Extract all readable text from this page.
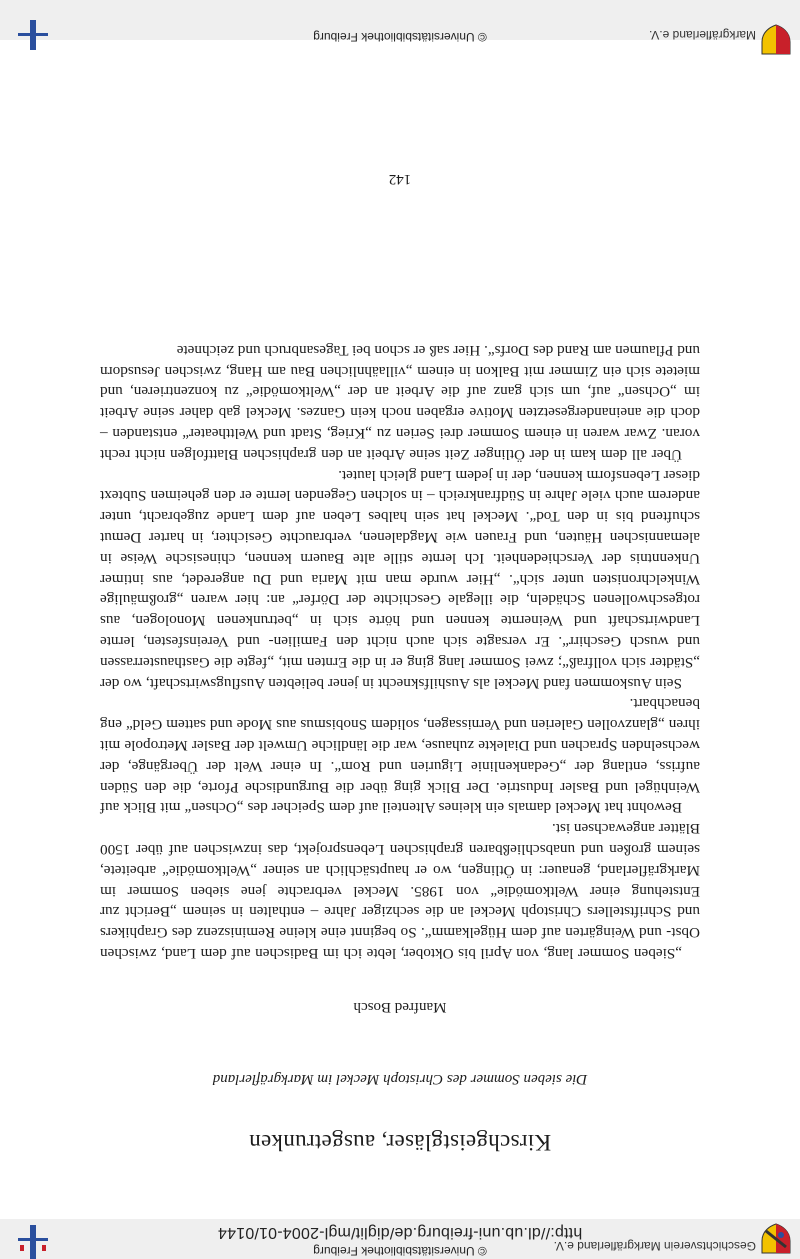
Geschichtsverein Markgräflerland e.V.
© Universitätsbibliothek Freiburg
http://dl.ub.uni-freiburg.de/diglit/mgl-2004-01/0144
Kirschgeistgläser, ausgetrunken
Die sieben Sommer des Christoph Meckel im Markgräflerland
Manfred Bosch

„Sieben Sommer lang, von April bis Oktober, lebte ich im Badischen auf dem Land, zwischen Obst- und Weingärten auf dem Hügelkamm“. So beginnt eine kleine Reminiszenz des Graphikers und Schriftstellers Christoph Meckel an die sechziger Jahre – enthalten in seinem „Bericht zur Entstehung einer Weltkomödie“ von 1985. Meckel verbrachte jene sieben Sommer im Markgräflerland, genauer: in Ötlingen, wo er hauptsächlich an seiner „Weltkomödie“ arbeitete, seinem großen und unabschließbaren graphischen Lebensprojekt, das inzwischen auf über 1500 Blätter angewachsen ist.

Bewohnt hat Meckel damals ein kleines Altenteil auf dem Speicher des „Ochsen“ mit Blick auf Weinhügel und Basler Industrie. Der Blick ging über die Burgundische Pforte, die den Süden aufriss, entlang der „Gedankenlinie Ligurien und Rom“. In einer Welt der Übergänge, der wechselnden Sprachen und Dialekte zuhause, war die ländliche Umwelt der Basler Metropole mit ihren „glanzvollen Galerien und Vernissagen, solidem Snobismus aus Mode und sattem Geld“ eng benachbart.

Sein Auskommen fand Meckel als Aushilfsknecht in jener beliebten Ausflugswirtschaft, wo der „Städter sich vollfraß“; zwei Sommer lang ging er in die Ernten mit, „fegte die Gasthausterrassen und wusch Geschirr“. Er versagte sich auch nicht den Familien- und Vereinsfesten, lernte Landwirtschaft und Weinernte kennen und hörte sich in „betrunkenen Monologen, aus rotgeschwollenen Schädeln, die illegale Geschichte der Dörfer“ an: hier waren „großmäulige Winkelchronisten unter sich“. „Hier wurde man mit Maria und Du angeredet, aus intimer Unkenntnis der Verschiedenheit. Ich lernte stille alte Bauern kennen, chinesische Weise in alemannischen Häuten, und Frauen wie Magdalenen, verbrauchte Gesichter, in harter Demut schuftend bis in den Tod“. Meckel hat sein halbes Leben auf dem Lande zugebracht, unter anderem auch viele Jahre in Südfrankreich – in solchen Gegenden lernte er den geheimen Subtext dieser Lebensform kennen, der in jedem Land gleich lautet.

Über all dem kam in der Ötlinger Zeit seine Arbeit an den graphischen Blattfolgen nicht recht voran. Zwar waren in einem Sommer drei Serien zu „Krieg, Stadt und Welttheater“ entstanden – doch die aneinandergesetzten Motive ergaben noch kein Ganzes. Meckel gab daher seine Arbeit im „Ochsen“ auf, um sich ganz auf die Arbeit an der „Weltkomödie“ zu konzentrieren, und mietete sich ein Zimmer mit Balkon in einem „villaähnlichen Bau am Hang, zwischen Jesusdorn und Pflaumen am Rand des Dorfs“. Hier saß er schon bei Tagesanbruch und zeichnete

142
Markgräflerland e.V.
© Universitätsbibliothek Freiburg
